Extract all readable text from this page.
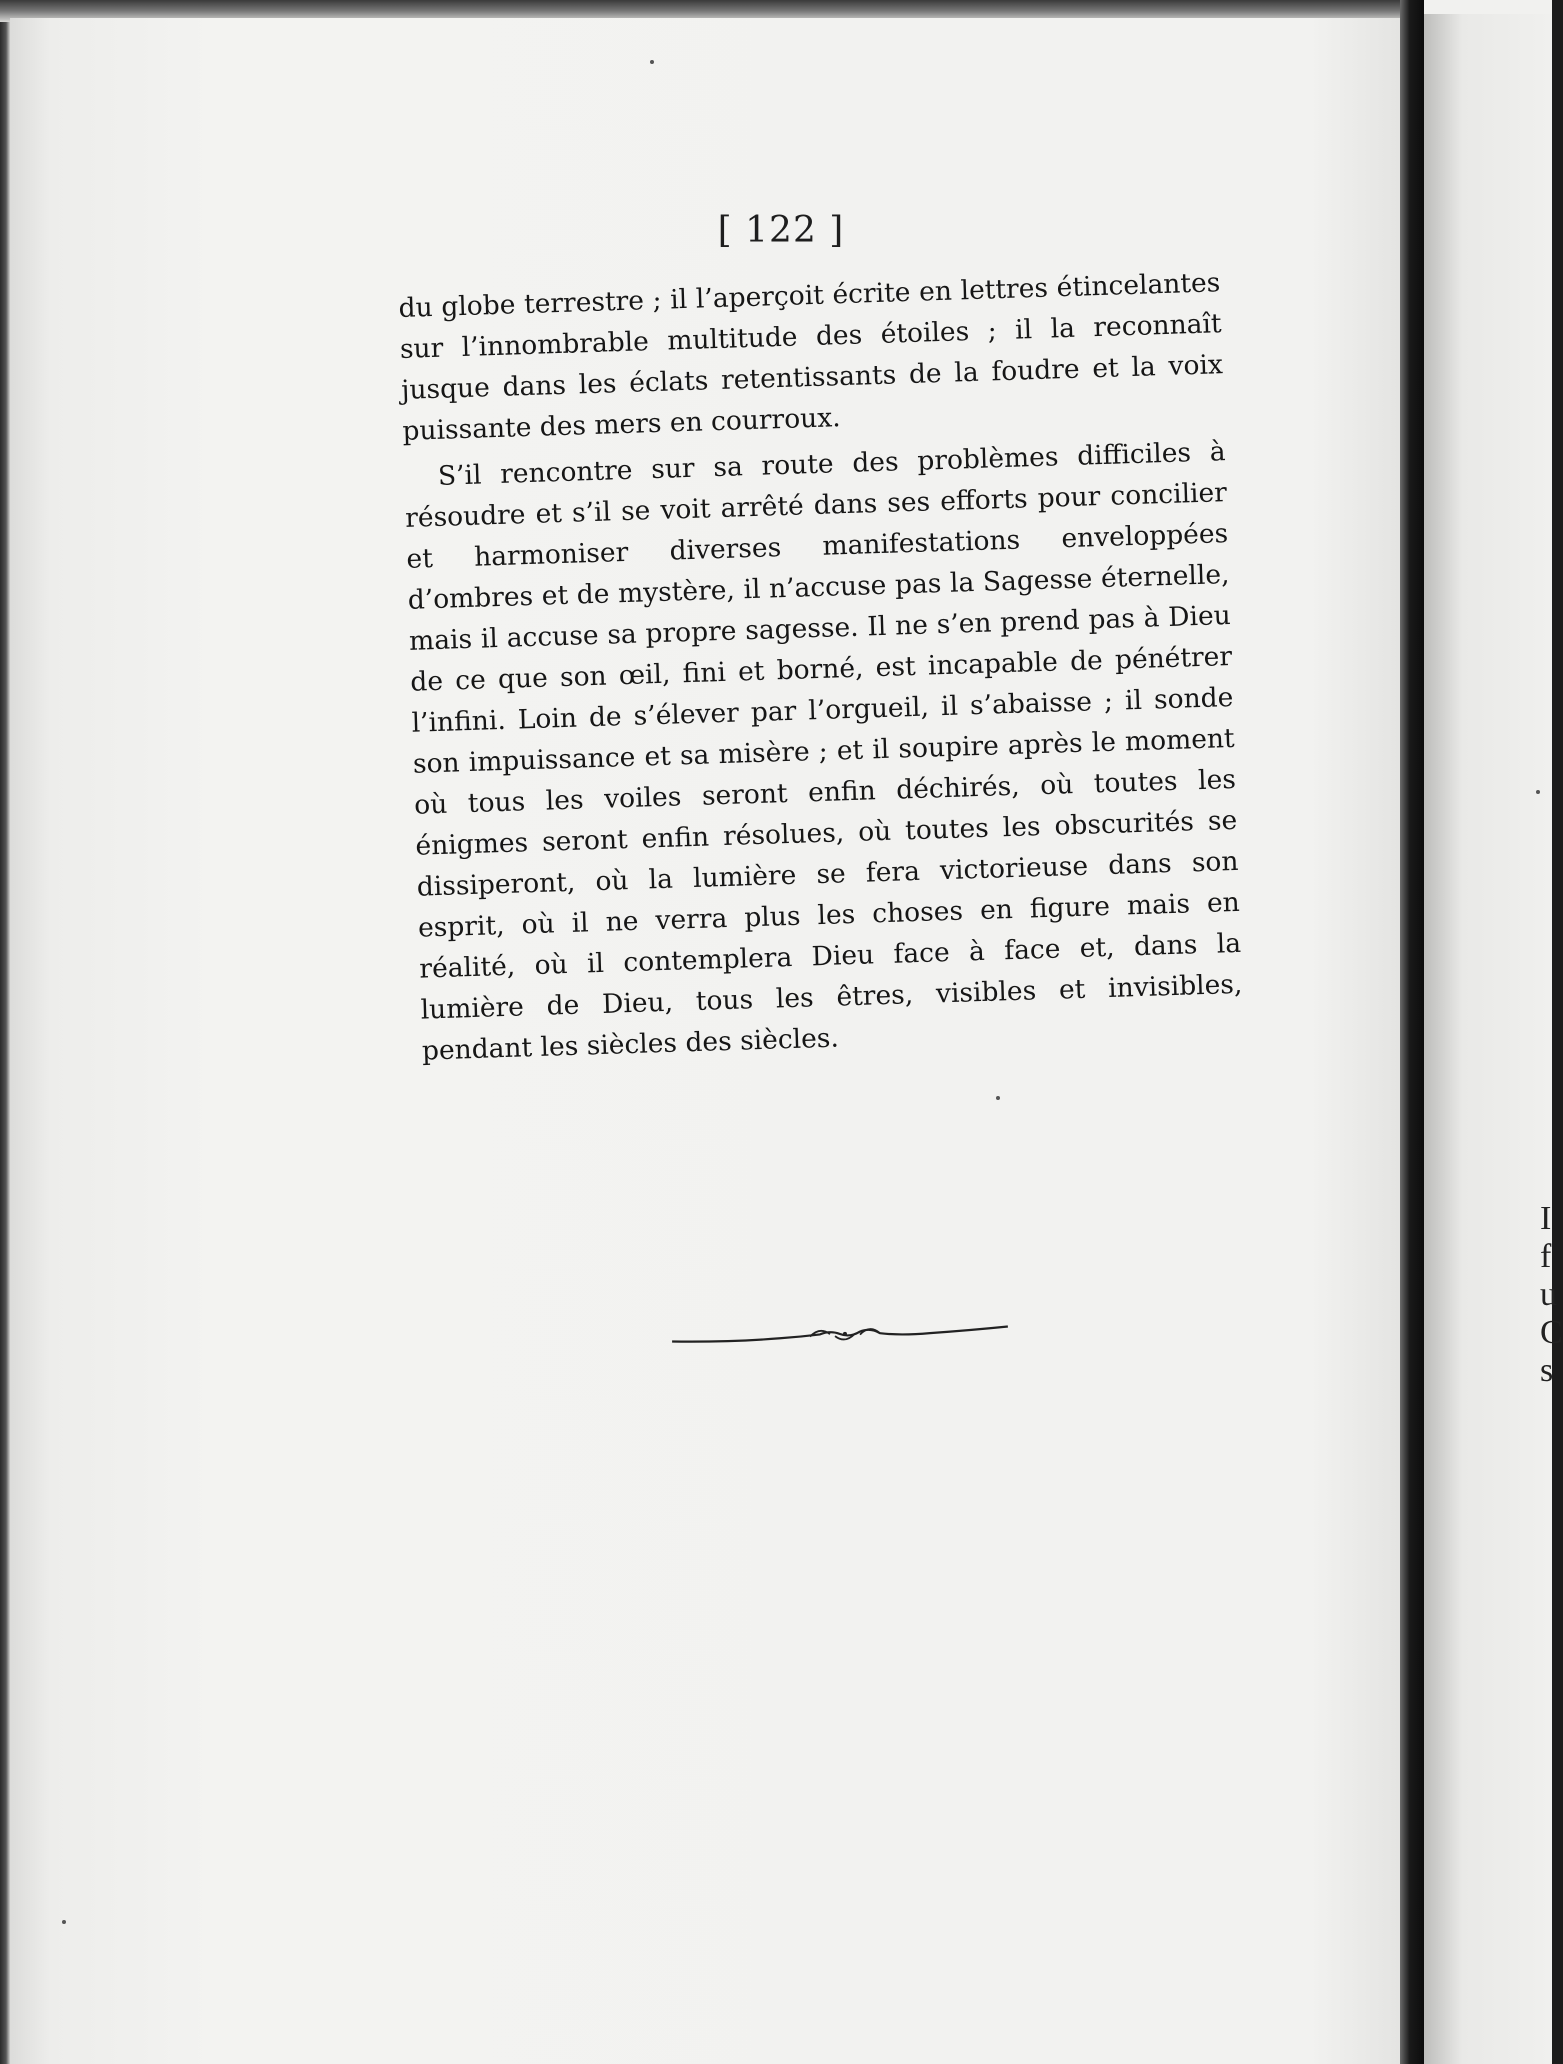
I
f
u
C
s
[ 122 ]

du globe terrestre ; il l’aperçoit écrite en lettres étincelantes sur l’innombrable multitude des étoiles ; il la reconnaît jusque dans les éclats retentissants de la foudre et la voix puissante des mers en courroux.

S’il rencontre sur sa route des problèmes difficiles à résoudre et s’il se voit arrêté dans ses efforts pour concilier et harmoniser diverses manifestations enveloppées d’ombres et de mystère, il n’accuse pas la Sagesse éternelle, mais il accuse sa propre sagesse. Il ne s’en prend pas à Dieu de ce que son œil, fini et borné, est incapable de pénétrer l’infini. Loin de s’élever par l’orgueil, il s’abaisse ; il sonde son impuissance et sa misère ; et il soupire après le moment où tous les voiles seront enfin déchirés, où toutes les énigmes seront enfin résolues, où toutes les obscurités se dissiperont, où la lumière se fera victorieuse dans son esprit, où il ne verra plus les choses en figure mais en réalité, où il contemplera Dieu face à face et, dans la lumière de Dieu, tous les êtres, visibles et invisibles, pendant les siècles des siècles.
